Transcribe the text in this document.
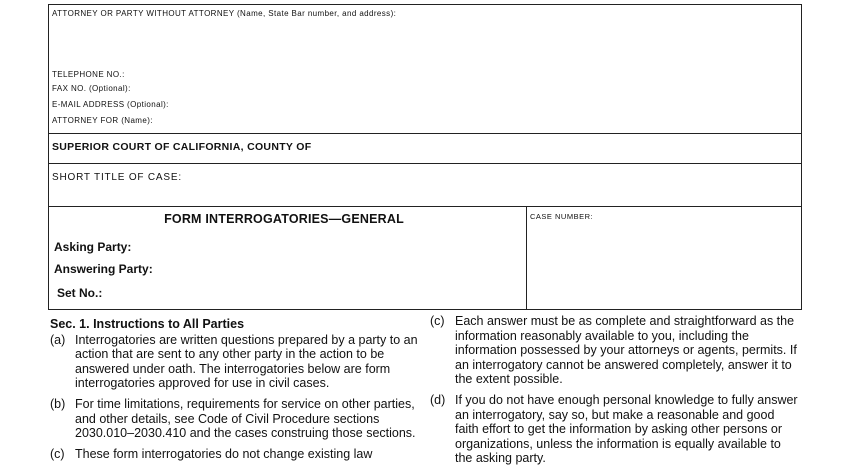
ATTORNEY OR PARTY WITHOUT ATTORNEY (Name, State Bar number, and address):
TELEPHONE NO.:
FAX NO. (Optional):
E-MAIL ADDRESS (Optional):
ATTORNEY FOR (Name):
SUPERIOR COURT OF CALIFORNIA, COUNTY OF
SHORT TITLE OF CASE:
FORM INTERROGATORIES—GENERAL
Asking Party:
Answering Party:
Set No.:
CASE NUMBER:
Sec. 1. Instructions to All Parties
(a) Interrogatories are written questions prepared by a party to an action that are sent to any other party in the action to be answered under oath. The interrogatories below are form interrogatories approved for use in civil cases.
(b) For time limitations, requirements for service on other parties, and other details, see Code of Civil Procedure sections 2030.010–2030.410 and the cases construing those sections.
(c) These form interrogatories do not change existing law
(c) Each answer must be as complete and straightforward as the information reasonably available to you, including the information possessed by your attorneys or agents, permits. If an interrogatory cannot be answered completely, answer it to the extent possible.
(d) If you do not have enough personal knowledge to fully answer an interrogatory, say so, but make a reasonable and good faith effort to get the information by asking other persons or organizations, unless the information is equally available to the asking party.
